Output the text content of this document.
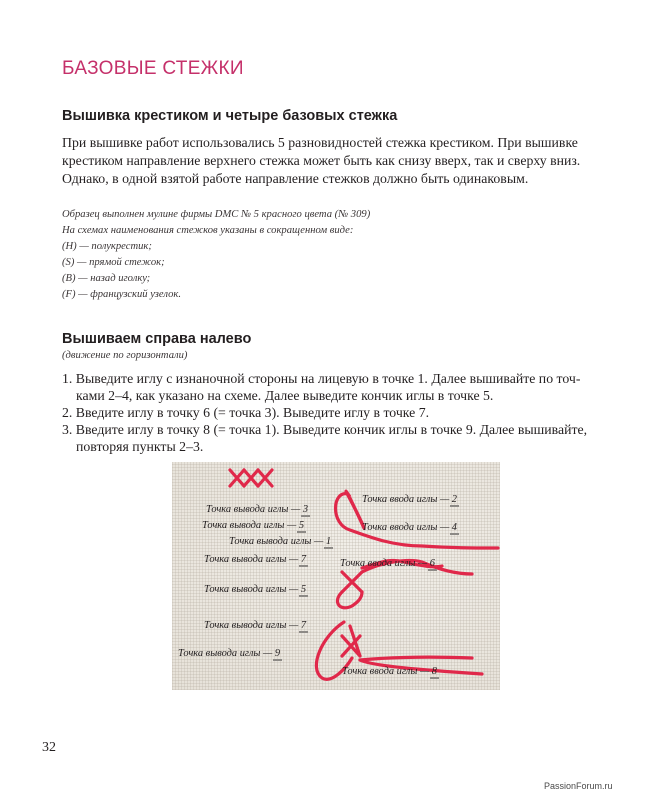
БАЗОВЫЕ СТЕЖКИ
Вышивка крестиком и четыре базовых стежка
При вышивке работ использовались 5 разновидностей стежка крестиком. При вышивке
крестиком направление верхнего стежка может быть как снизу вверх, так и сверху вниз.
Однако, в одной взятой работе направление стежков должно быть одинаковым.
Образец выполнен мулине фирмы DMC № 5 красного цвета (№ 309)
На схемах наименования стежков указаны в сокращенном виде:
(H) — полукрестик;
(S) — прямой стежок;
(B) — назад иголку;
(F) — французский узелок.
Вышиваем справа налево
(движение по горизонтали)
1. Выведите иглу с изнаночной стороны на лицевую в точке 1. Далее вышивайте по точ-
ками 2–4, как указано на схеме. Далее выведите кончик иглы в точке 5.
2. Введите иглу в точку 6 (= точка 3). Выведите иглу в точке 7.
3. Введите иглу в точку 8 (= точка 1). Выведите кончик иглы в точке 9. Далее вышивайте,
повторяя пункты 2–3.
Точка вывода иглы — 3
Точка ввода иглы — 2
Точка вывода иглы — 5	Точка ввода иглы — 4
Точка вывода иглы — 1
Точка вывода иглы — 7	Точка ввода иглы — 6
Точка вывода иглы — 5
Точка вывода иглы — 7
Точка вывода иглы — 9
Точка ввода иглы — 8
32
PassionForum.ru
